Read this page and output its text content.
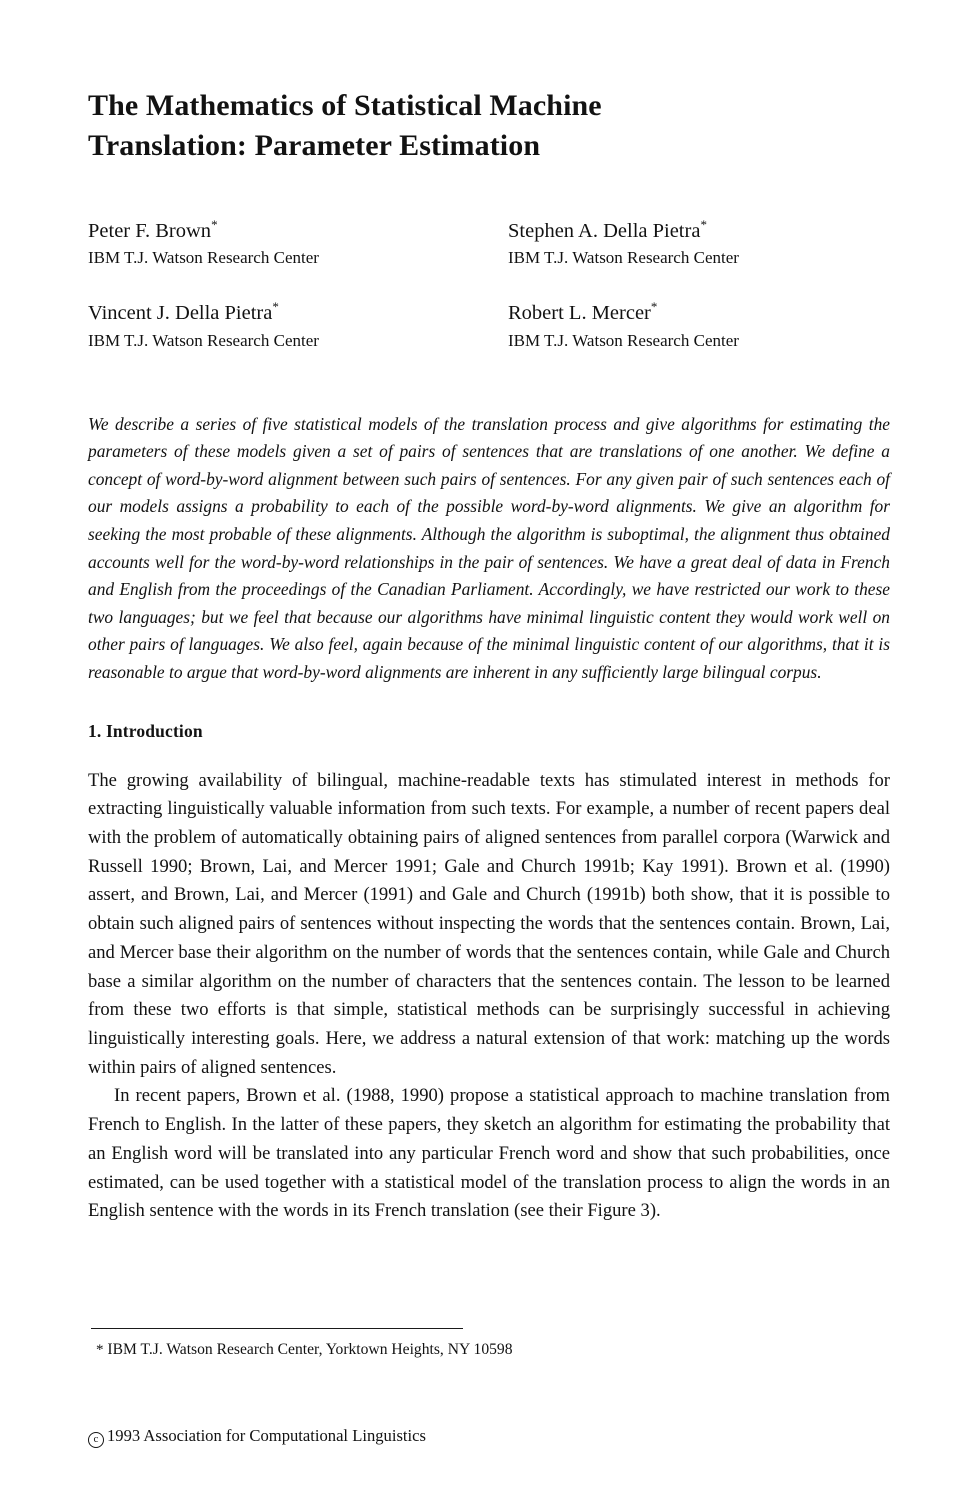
The Mathematics of Statistical Machine
Translation: Parameter Estimation
Peter F. Brown*
IBM T.J. Watson Research Center
Stephen A. Della Pietra*
IBM T.J. Watson Research Center
Vincent J. Della Pietra*
IBM T.J. Watson Research Center
Robert L. Mercer*
IBM T.J. Watson Research Center

We describe a series of five statistical models of the translation process and give algorithms for estimating the parameters of these models given a set of pairs of sentences that are translations of one another. We define a concept of word-by-word alignment between such pairs of sentences. For any given pair of such sentences each of our models assigns a probability to each of the possible word-by-word alignments. We give an algorithm for seeking the most probable of these alignments. Although the algorithm is suboptimal, the alignment thus obtained accounts well for the word-by-word relationships in the pair of sentences. We have a great deal of data in French and English from the proceedings of the Canadian Parliament. Accordingly, we have restricted our work to these two languages; but we feel that because our algorithms have minimal linguistic content they would work well on other pairs of languages. We also feel, again because of the minimal linguistic content of our algorithms, that it is reasonable to argue that word-by-word alignments are inherent in any sufficiently large bilingual corpus.

1. Introduction

The growing availability of bilingual, machine-readable texts has stimulated interest in methods for extracting linguistically valuable information from such texts. For example, a number of recent papers deal with the problem of automatically obtaining pairs of aligned sentences from parallel corpora (Warwick and Russell 1990; Brown, Lai, and Mercer 1991; Gale and Church 1991b; Kay 1991). Brown et al. (1990) assert, and Brown, Lai, and Mercer (1991) and Gale and Church (1991b) both show, that it is possible to obtain such aligned pairs of sentences without inspecting the words that the sentences contain. Brown, Lai, and Mercer base their algorithm on the number of words that the sentences contain, while Gale and Church base a similar algorithm on the number of characters that the sentences contain. The lesson to be learned from these two efforts is that simple, statistical methods can be surprisingly successful in achieving linguistically interesting goals. Here, we address a natural extension of that work: matching up the words within pairs of aligned sentences.

In recent papers, Brown et al. (1988, 1990) propose a statistical approach to machine translation from French to English. In the latter of these papers, they sketch an algorithm for estimating the probability that an English word will be translated into any particular French word and show that such probabilities, once estimated, can be used together with a statistical model of the translation process to align the words in an English sentence with the words in its French translation (see their Figure 3).

* IBM T.J. Watson Research Center, Yorktown Heights, NY 10598
c 1993 Association for Computational Linguistics
